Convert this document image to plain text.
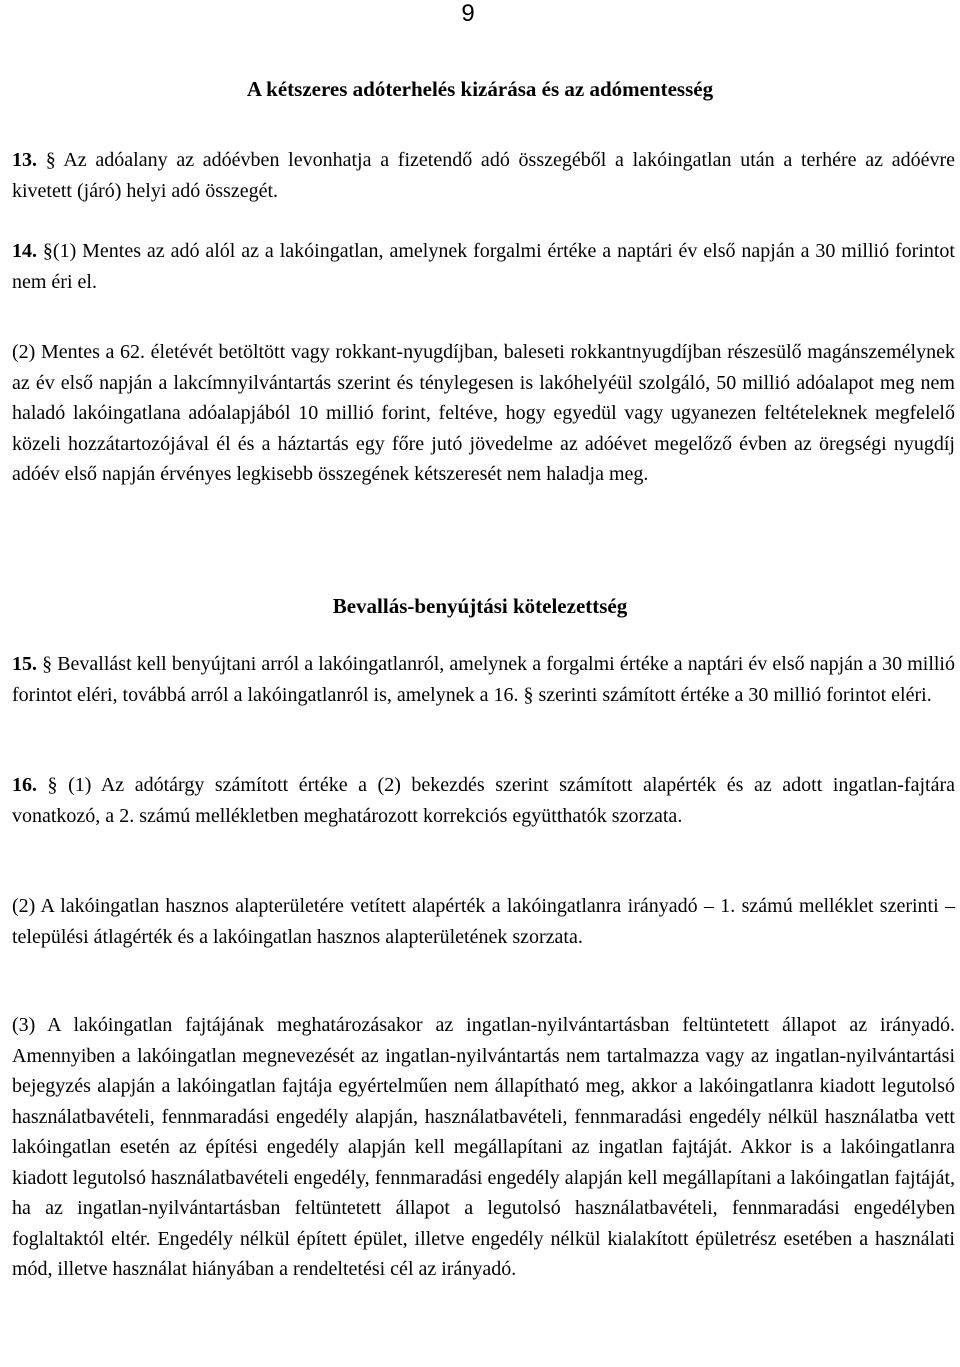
9
A kétszeres adóterhelés kizárása és az adómentesség

13. § Az adóalany az adóévben levonhatja a fizetendő adó összegéből a lakóingatlan után a terhére az adóévre kivetett (járó) helyi adó összegét.

14. §(1) Mentes az adó alól az a lakóingatlan, amelynek forgalmi értéke a naptári év első napján a 30 millió forintot nem éri el.

(2) Mentes a 62. életévét betöltött vagy rokkant-nyugdíjban, baleseti rokkantnyugdíjban részesülő magánszemélynek az év első napján a lakcímnyilvántartás szerint és ténylegesen is lakóhelyéül szolgáló, 50 millió adóalapot meg nem haladó lakóingatlana adóalapjából 10 millió forint, feltéve, hogy egyedül vagy ugyanezen feltételeknek megfelelő közeli hozzátartozójával él és a háztartás egy főre jutó jövedelme az adóévet megelőző évben az öregségi nyugdíj adóév első napján érvényes legkisebb összegének kétszeresét nem haladja meg.

Bevallás-benyújtási kötelezettség

15. § Bevallást kell benyújtani arról a lakóingatlanról, amelynek a forgalmi értéke a naptári év első napján a 30 millió forintot eléri, továbbá arról a lakóingatlanról is, amelynek a 16. § szerinti számított értéke a 30 millió forintot eléri.

16. § (1) Az adótárgy számított értéke a (2) bekezdés szerint számított alapérték és az adott ingatlan-fajtára vonatkozó, a 2. számú mellékletben meghatározott korrekciós együtthatók szorzata.

(2) A lakóingatlan hasznos alapterületére vetített alapérték a lakóingatlanra irányadó – 1. számú melléklet szerinti – települési átlagérték és a lakóingatlan hasznos alapterületének szorzata.

(3) A lakóingatlan fajtájának meghatározásakor az ingatlan-nyilvántartásban feltüntetett állapot az irányadó. Amennyiben a lakóingatlan megnevezését az ingatlan-nyilvántartás nem tartalmazza vagy az ingatlan-nyilvántartási bejegyzés alapján a lakóingatlan fajtája egyértelműen nem állapítható meg, akkor a lakóingatlanra kiadott legutolsó használatbavételi, fennmaradási engedély alapján, használatbavételi, fennmaradási engedély nélkül használatba vett lakóingatlan esetén az építési engedély alapján kell megállapítani az ingatlan fajtáját. Akkor is a lakóingatlanra kiadott legutolsó használatbavételi engedély, fennmaradási engedély alapján kell megállapítani a lakóingatlan fajtáját, ha az ingatlan-nyilvántartásban feltüntetett állapot a legutolsó használatbavételi, fennmaradási engedélyben foglaltaktól eltér. Engedély nélkül épített épület, illetve engedély nélkül kialakított épületrész esetében a használati mód, illetve használat hiányában a rendeltetési cél az irányadó.
